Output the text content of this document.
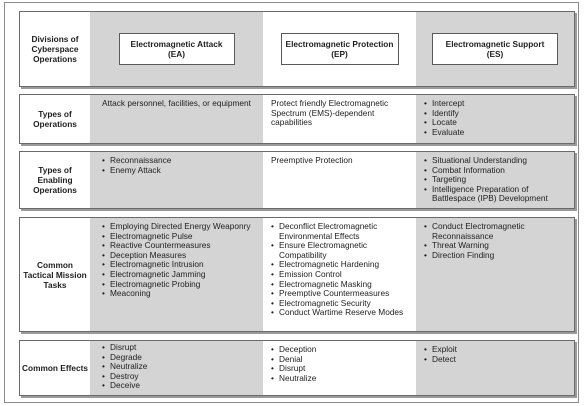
Divisions of Cyberspace Operations
Electromagnetic Attack (EA)
Electromagnetic Protection (EP)
Electromagnetic Support (ES)
Types of Operations

Attack personnel, facilities, or equipment	Protect friendly Electromagnetic Spectrum (EMS)-dependent capabilities

• Intercept
• Identify
• Locate
• Evaluate
Types of Enabling Operations
• Reconnaissance
• Enemy Attack

Preemptive Protection

•	Situational Understanding
• Combat Information
• Targeting
• Intelligence Preparation of Battlespace (IPB) Development
Common Tactical Mission Tasks
• Employing Directed Energy Weaponry
• Electromagnetic Pulse
• Reactive Countermeasures
• Deception Measures
• Electromagnetic Intrusion
• Electromagnetic Jamming
• Electromagnetic Probing
• Meaconing
• Deconflict Electromagnetic Environmental Effects
• Ensure Electromagnetic Compatibility
• Electromagnetic Hardening
• Emission Control
• Electromagnetic Masking
• Preemptive Countermeasures
• Electromagnetic Security
• Conduct Wartime Reserve Modes
• Conduct Electromagnetic Reconnaissance
• Threat Warning
• Direction Finding
Common Effects
• Disrupt
• Degrade
• Neutralize
• Destroy
• Deceive
• Deception
• Denial
• Disrupt
• Neutralize
• Exploit
• Detect
